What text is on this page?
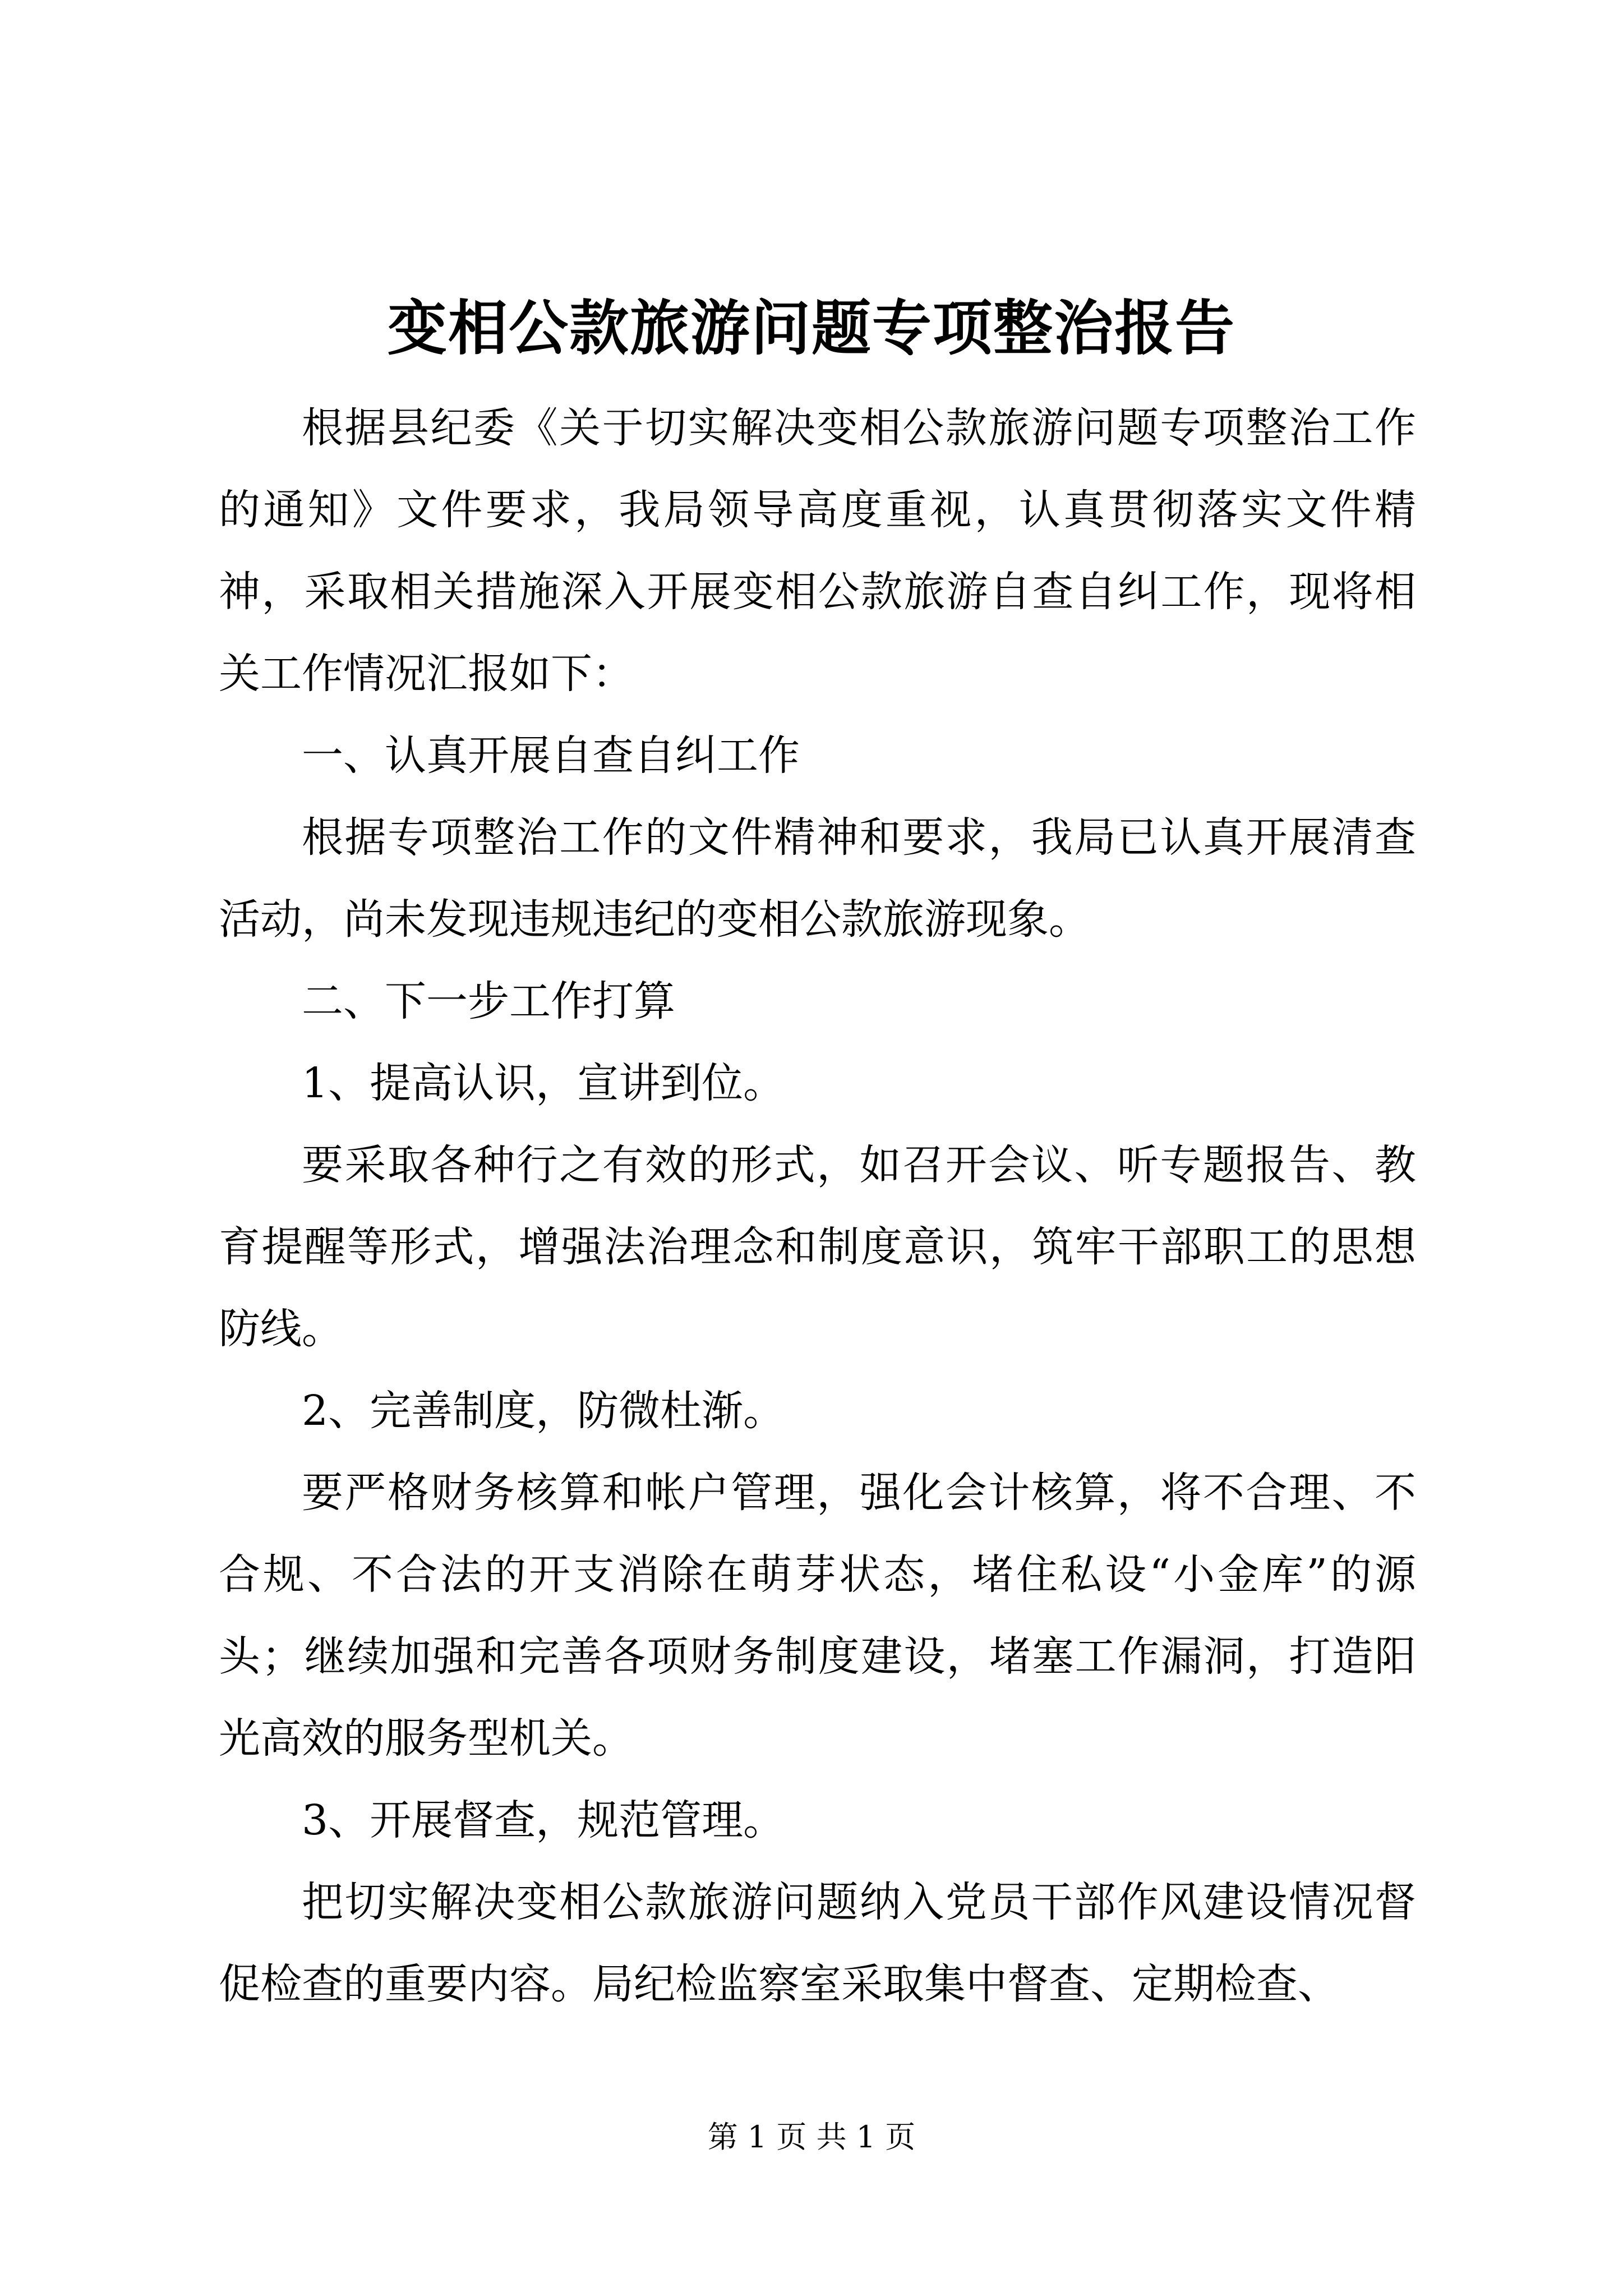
变相公款旅游问题专项整治报告

根据县纪委《关于切实解决变相公款旅游问题专项整治工作的通知》文件要求，我局领导高度重视，认真贯彻落实文件精神，采取相关措施深入开展变相公款旅游自查自纠工作，现将相关工作情况汇报如下：

一、认真开展自查自纠工作

根据专项整治工作的文件精神和要求，我局已认真开展清查活动，尚未发现违规违纪的变相公款旅游现象。

二、下一步工作打算

1、提高认识，宣讲到位。

要采取各种行之有效的形式，如召开会议、听专题报告、教育提醒等形式，增强法治理念和制度意识，筑牢干部职工的思想防线。

2、完善制度，防微杜渐。

要严格财务核算和帐户管理，强化会计核算，将不合理、不合规、不合法的开支消除在萌芽状态，堵住私设“小金库”的源头；继续加强和完善各项财务制度建设，堵塞工作漏洞，打造阳光高效的服务型机关。

3、开展督查，规范管理。

把切实解决变相公款旅游问题纳入党员干部作风建设情况督促检查的重要内容。局纪检监察室采取集中督查、定期检查、

第 1 页 共 1 页
